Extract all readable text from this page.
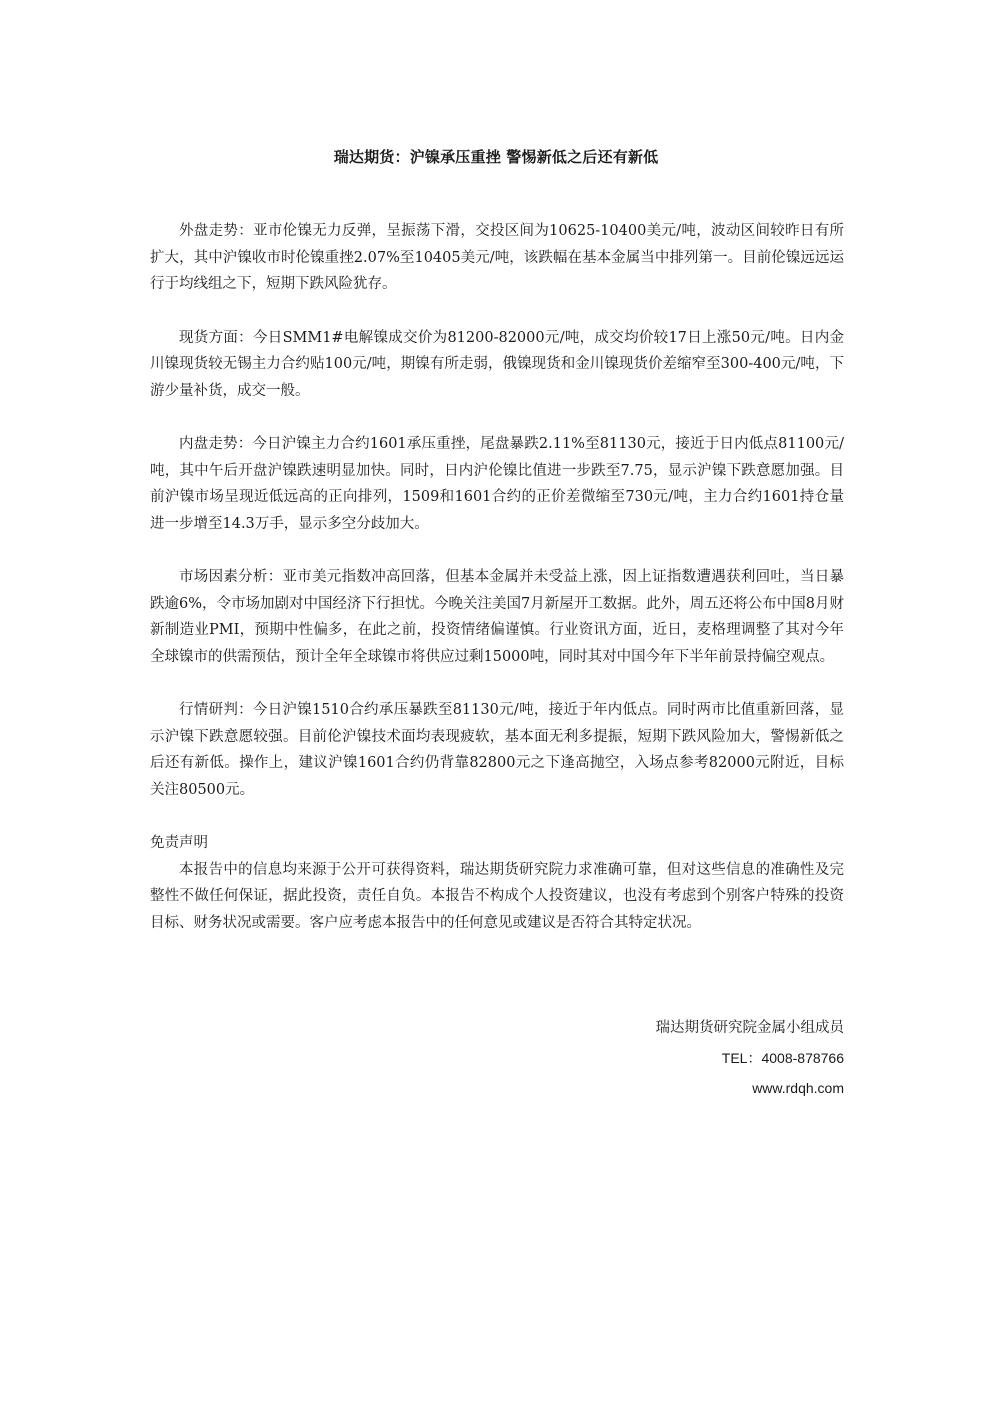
瑞达期货：沪镍承压重挫 警惕新低之后还有新低

外盘走势：亚市伦镍无力反弹，呈振荡下滑，交投区间为10625-10400美元/吨，波动区间较昨日有所扩大，其中沪镍收市时伦镍重挫2.07%至10405美元/吨，该跌幅在基本金属当中排列第一。目前伦镍远远运行于均线组之下，短期下跌风险犹存。

现货方面：今日SMM1#电解镍成交价为81200-82000元/吨，成交均价较17日上涨50元/吨。日内金川镍现货较无锡主力合约贴100元/吨，期镍有所走弱，俄镍现货和金川镍现货价差缩窄至300-400元/吨，下游少量补货，成交一般。

内盘走势：今日沪镍主力合约1601承压重挫，尾盘暴跌2.11%至81130元，接近于日内低点81100元/吨，其中午后开盘沪镍跌速明显加快。同时，日内沪伦镍比值进一步跌至7.75，显示沪镍下跌意愿加强。目前沪镍市场呈现近低远高的正向排列，1509和1601合约的正价差微缩至730元/吨，主力合约1601持仓量进一步增至14.3万手，显示多空分歧加大。

市场因素分析：亚市美元指数冲高回落，但基本金属并未受益上涨，因上证指数遭遇获利回吐，当日暴跌逾6%，令市场加剧对中国经济下行担忧。今晚关注美国7月新屋开工数据。此外，周五还将公布中国8月财新制造业PMI，预期中性偏多，在此之前，投资情绪偏谨慎。行业资讯方面，近日，麦格理调整了其对今年全球镍市的供需预估，预计全年全球镍市将供应过剩15000吨，同时其对中国今年下半年前景持偏空观点。

行情研判：今日沪镍1510合约承压暴跌至81130元/吨，接近于年内低点。同时两市比值重新回落，显示沪镍下跌意愿较强。目前伦沪镍技术面均表现疲软，基本面无利多提振，短期下跌风险加大，警惕新低之后还有新低。操作上，建议沪镍1601合约仍背靠82800元之下逢高抛空，入场点参考82000元附近，目标关注80500元。

免责声明

本报告中的信息均来源于公开可获得资料，瑞达期货研究院力求准确可靠，但对这些信息的准确性及完整性不做任何保证，据此投资，责任自负。本报告不构成个人投资建议，也没有考虑到个别客户特殊的投资目标、财务状况或需要。客户应考虑本报告中的任何意见或建议是否符合其特定状况。

瑞达期货研究院金属小组成员
TEL：4008-878766
www.rdqh.com
